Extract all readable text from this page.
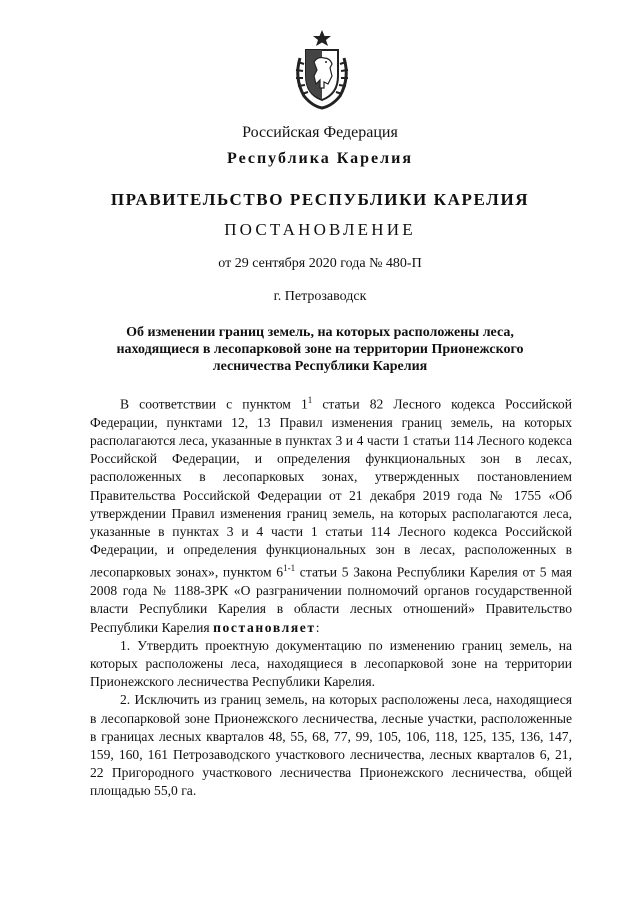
Российская Федерация
Республика Карелия
ПРАВИТЕЛЬСТВО РЕСПУБЛИКИ КАРЕЛИЯ
ПОСТАНОВЛЕНИЕ
от 29 сентября 2020 года № 480-П
г. Петрозаводск
Об изменении границ земель, на которых расположены леса,
находящиеся в лесопарковой зоне на территории Прионежского
лесничества Республики Карелия

В соответствии с пунктом $1^1$ статьи 82 Лесного кодекса Российской Федерации, пунктами 12, 13 Правил изменения границ земель, на которых располагаются леса, указанные в пунктах 3 и 4 части 1 статьи 114 Лесного кодекса Российской Федерации, и определения функциональных зон в лесах, расположенных в лесопарковых зонах, утвержденных постановлением Правительства Российской Федерации от 21 декабря 2019 года № 1755 «Об утверждении Правил изменения границ земель, на которых располагаются леса, указанные в пунктах 3 и 4 части 1 статьи 114 Лесного кодекса Российской Федерации, и определения функциональных зон в лесах, расположенных в лесопарковых зонах», пунктом 6$^{1-1}$ статьи 5 Закона Республики Карелия от 5 мая 2008 года № 1188-ЗРК «О разграничении полномочий органов государственной власти Республики Карелия в области лесных отношений» Правительство Республики Карелия постановляет:

1. Утвердить проектную документацию по изменению границ земель, на которых расположены леса, находящиеся в лесопарковой зоне на территории Прионежского лесничества Республики Карелия.

2. Исключить из границ земель, на которых расположены леса, находящиеся в лесопарковой зоне Прионежского лесничества, лесные участки, расположенные в границах лесных кварталов 48, 55, 68, 77, 99, 105, 106, 118, 125, 135, 136, 147, 159, 160, 161 Петрозаводского участкового лесничества, лесных кварталов 6, 21, 22 Пригородного участкового лесничества Прионежского лесничества, общей площадью 55,0 га.
